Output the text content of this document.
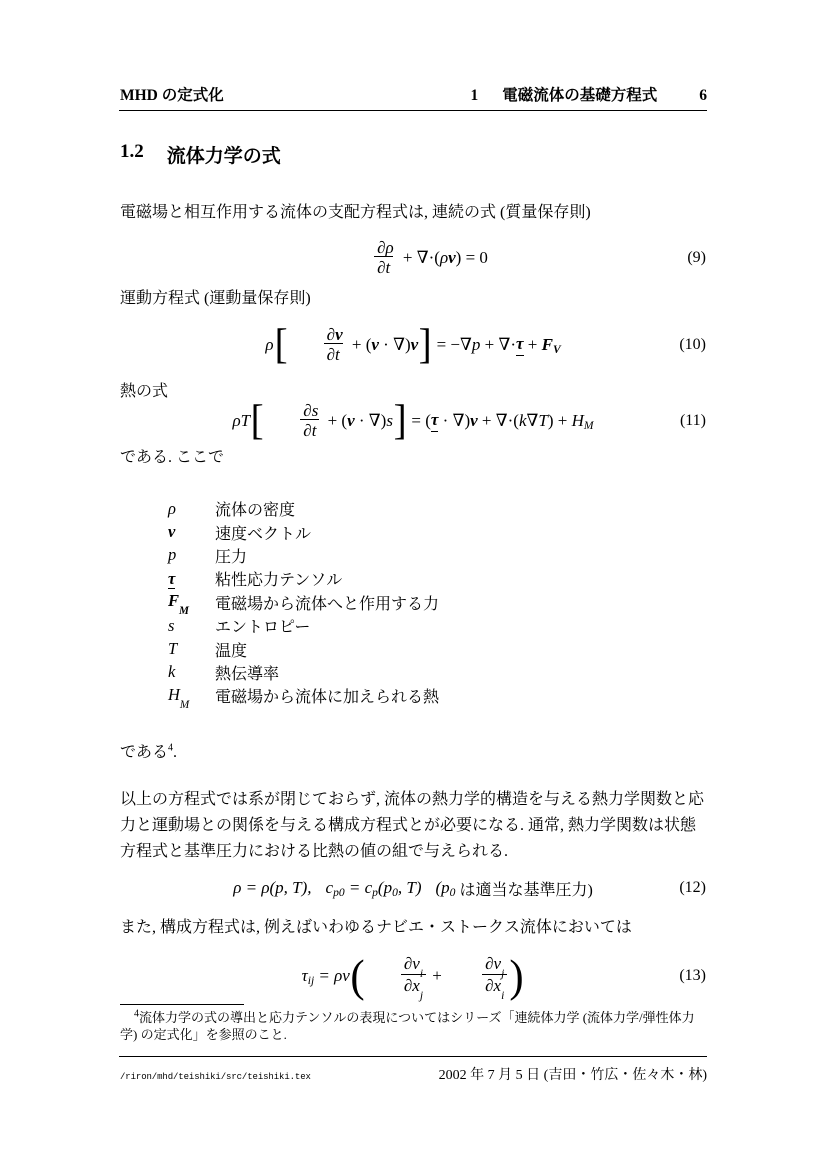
MHD の定式化	1 電磁流体の基礎方程式	6
1.2 流体力学の式

電磁場と相互作用する流体の支配方程式は, 連続の式 (質量保存則)

$\frac{\partial\rho}{\partial t}$
+ ∇·( ρ v ) = 0	(9)

運動方程式 (運動量保存則)

ρ [ $\frac{\partial v}{\partial t}$
+ ( v · ∇) v ] = −∇ p + ∇· τ + F V	(10)

熱の式

ρT [ $\frac{\partial s}{\partial t}$
+ ( v · ∇) s ] = ( τ · ∇) v + ∇·( k∇T ) + H M	(11)

である. ここで

ρ	流体の密度
v	速度ベクトル
p	圧力
τ	粘性応力テンソル
$F_M$	電磁場から流体へと作用する力
s	エントロピー
T	温度
k	熱伝導率
$H_M$	電磁場から流体に加えられる熱

である$^4$.

以上の方程式では系が閉じておらず, 流体の熱力学的構造を与える熱力学関数と応
力と運動場との関係を与える構成方程式とが必要になる. 通常, 熱力学関数は状態
方程式と基準圧力における比熱の値の組で与えられる.
ρ = ρ(p, T), c p0 = c p (p 0 , T) (p 0 は適当な基準圧力)	(12)

また, 構成方程式は, 例えばいわゆるナビエ・ストークス流体においては

τ ij = ρν ( $\frac{\partial v_i}{\partial x_j}$
+ $\frac{\partial v_j}{\partial x_i}$
)	(13)
$^4$流体力学の式の導出と応力テンソルの表現についてはシリーズ「連続体力学 (流体力学/弾性体力学) の定式化」を参照のこと.
/riron/mhd/teishiki/src/teishiki.tex	2002 年 7 月 5 日 (吉田・竹広・佐々木・林)
